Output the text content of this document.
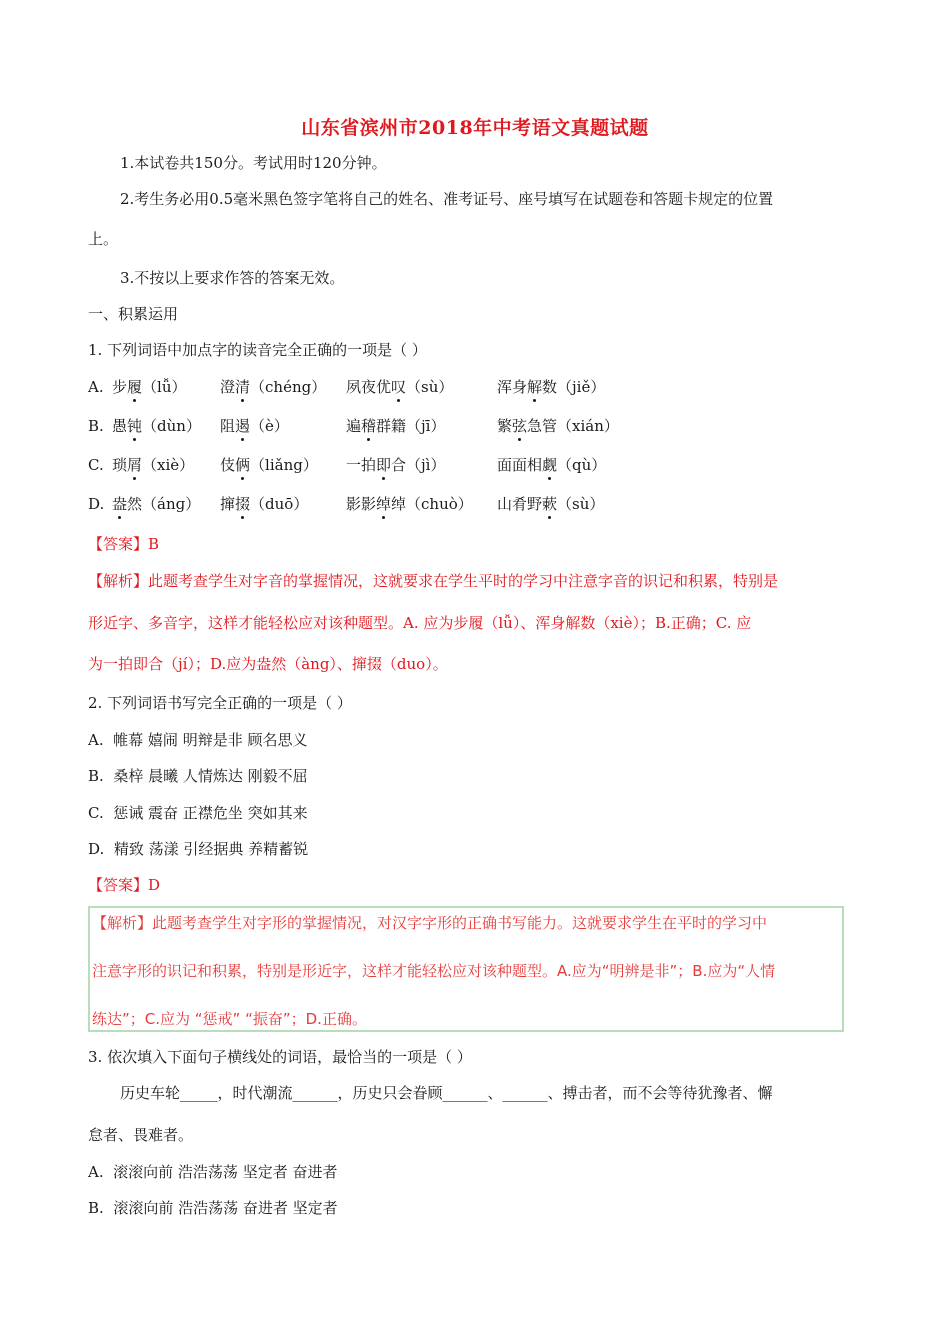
山东省滨州市2018年中考语文真题试题
1.本试卷共150分。考试用时120分钟。
2.考生务必用0.5毫米黑色签字笔将自己的姓名、准考证号、座号填写在试题卷和答题卡规定的位置
上。
3.不按以上要求作答的答案无效。
一、积累运用
1. 下列词语中加点字的读音完全正确的一项是（ ）
A. 步履（lǚ） 澄清（chéng） 夙夜优叹（sù）	浑身解数（jiě）
B. 愚钝（dùn） 阻遏（è）	遍稽群籍（jī）	繁弦急管（xián）
C. 琐屑（xiè） 伎俩（liǎng） 一拍即合（jì）	面面相觑（qù）
D. 盎然（ánɡ） 撺掇（duō）	影影绰绰（chuò） 山肴野蔌（sù）
【答案】B
【解析】此题考查学生对字音的掌握情况，这就要求在学生平时的学习中注意字音的识记和积累，特别是
形近字、多音字，这样才能轻松应对该种题型。A. 应为步履（lǚ）、浑身解数（xiè）；B.正确；C. 应
为一拍即合（jí）；D.应为盎然（àng）、撺掇（duo）。
2. 下列词语书写完全正确的一项是（ ）
A. 帷幕 嬉闹 明辩是非 顾名思义
B. 桑梓 晨曦 人情炼达 刚毅不屈
C. 惩诫 震奋 正襟危坐 突如其来
D. 精致 荡漾 引经据典 养精蓄锐
【答案】D
【解析】此题考查学生对字形的掌握情况，对汉字字形的正确书写能力。这就要求学生在平时的学习中
注意字形的识记和积累，特别是形近字，这样才能轻松应对该种题型。A.应为“明辨是非”；B.应为“人情
练达”；C.应为 “惩戒” “振奋”；D.正确。
3. 依次填入下面句子横线处的词语，最恰当的一项是（ ）
历史车轮_____，时代潮流______，历史只会眷顾______、______、搏击者，而不会等待犹豫者、懈
怠者、畏难者。
A. 滚滚向前 浩浩荡荡 坚定者 奋进者
B. 滚滚向前 浩浩荡荡 奋进者 坚定者
